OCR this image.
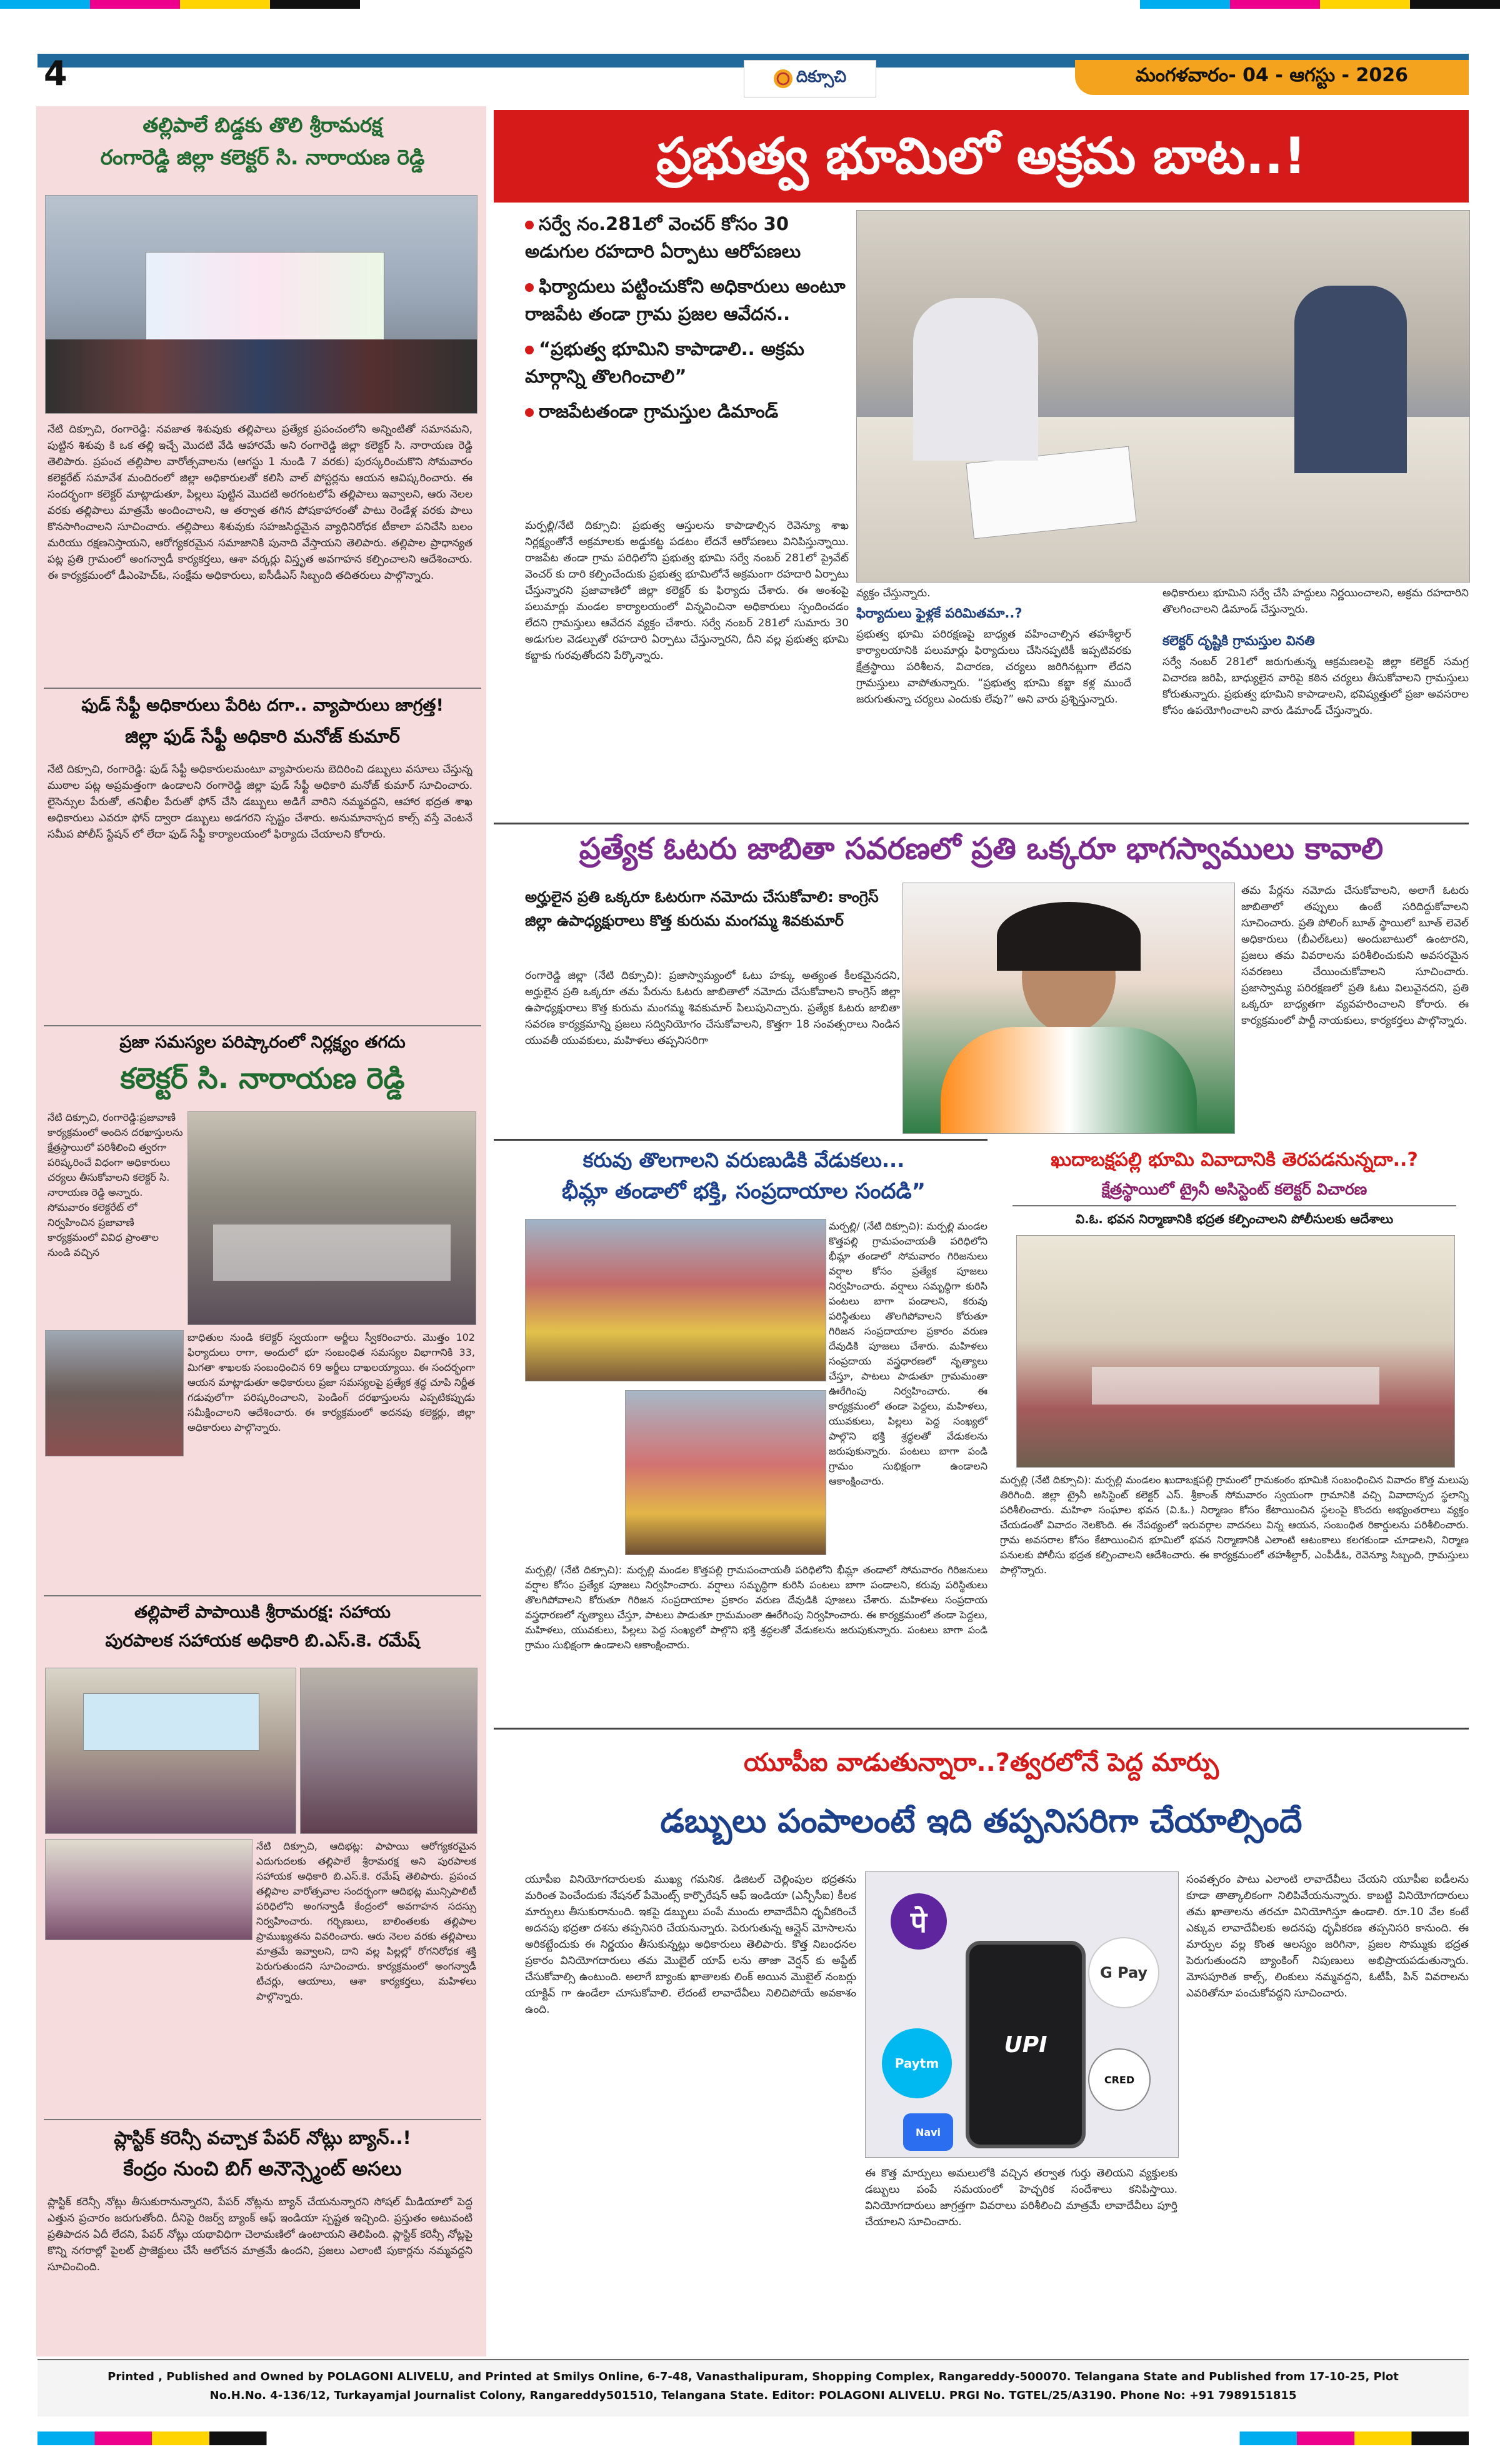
4	దిక్సూచి	మంగళవారం- 04 - ఆగస్టు - 2026
తల్లిపాలే బిడ్డకు తొలి శ్రీరామరక్ష
రంగారెడ్డి జిల్లా కలెక్టర్ సి. నారాయణ రెడ్డి
నేటి దిక్సూచి, రంగారెడ్డి: నవజాత శిశువుకు తల్లిపాలు ప్రత్యేక ప్రపంచంలోని అన్నింటితో సమానమని, పుట్టిన శిశువు కి ఒక తల్లి ఇచ్చే మొదటి వేడి ఆహారమే అని రంగారెడ్డి జిల్లా కలెక్టర్ సి. నారాయణ రెడ్డి తెలిపారు. ప్రపంచ తల్లిపాల వారోత్సవాలను (ఆగస్టు 1 నుండి 7 వరకు) పురస్కరించుకొని సోమవారం కలెక్టరేట్ సమావేశ మందిరంలో జిల్లా అధికారులతో కలిసి వాల్ పోస్టర్లను ఆయన ఆవిష్కరించారు. ఈ సందర్భంగా కలెక్టర్ మాట్లాడుతూ, పిల్లలు పుట్టిన మొదటి అరగంటలోపే తల్లిపాలు ఇవ్వాలని, ఆరు నెలల వరకు తల్లిపాలు మాత్రమే అందించాలని, ఆ తర్వాత తగిన పోషకాహారంతో పాటు రెండేళ్ల వరకు పాలు కొనసాగించాలని సూచించారు. తల్లిపాలు శిశువుకు సహజసిద్ధమైన వ్యాధినిరోధక టీకాలా పనిచేసి బలం మరియు రక్షణనిస్తాయని, ఆరోగ్యకరమైన సమాజానికి పునాది వేస్తాయని తెలిపారు. తల్లిపాల ప్రాధాన్యత పట్ల ప్రతి గ్రామంలో అంగన్వాడీ కార్యకర్తలు, ఆశా వర్కర్లు విస్తృత అవగాహన కల్పించాలని ఆదేశించారు. ఈ కార్యక్రమంలో డీఎంహెచ్ఓ, సంక్షేమ అధికారులు, ఐసీడీఎస్ సిబ్బంది తదితరులు పాల్గొన్నారు.
ఫుడ్ సేఫ్టీ అధికారులు పేరిట దగా.. వ్యాపారులు జాగ్రత్త!
జిల్లా ఫుడ్ సేఫ్టీ అధికారి మనోజ్ కుమార్
నేటి దిక్సూచి, రంగారెడ్డి: ఫుడ్ సేఫ్టీ అధికారులమంటూ వ్యాపారులను బెదిరించి డబ్బులు వసూలు చేస్తున్న ముఠాల పట్ల అప్రమత్తంగా ఉండాలని రంగారెడ్డి జిల్లా ఫుడ్ సేఫ్టీ అధికారి మనోజ్ కుమార్ సూచించారు. లైసెన్సుల పేరుతో, తనిఖీల పేరుతో ఫోన్ చేసి డబ్బులు అడిగే వారిని నమ్మవద్దని, ఆహార భద్రత శాఖ అధికారులు ఎవరూ ఫోన్ ద్వారా డబ్బులు అడగరని స్పష్టం చేశారు. అనుమానాస్పద కాల్స్ వస్తే వెంటనే సమీప పోలీస్ స్టేషన్ లో లేదా ఫుడ్ సేఫ్టీ కార్యాలయంలో ఫిర్యాదు చేయాలని కోరారు.
ప్రజా సమస్యల పరిష్కారంలో నిర్లక్ష్యం తగదు
కలెక్టర్ సి. నారాయణ రెడ్డి
నేటి దిక్సూచి, రంగారెడ్డి:ప్రజావాణి కార్యక్రమంలో అందిన దరఖాస్తులను క్షేత్రస్థాయిలో పరిశీలించి త్వరగా పరిష్కరించే విధంగా అధికారులు చర్యలు తీసుకోవాలని కలెక్టర్ సి. నారాయణ రెడ్డి అన్నారు. సోమవారం కలెక్టరేట్ లో నిర్వహించిన ప్రజావాణి కార్యక్రమంలో వివిధ ప్రాంతాల నుండి వచ్చిన
బాధితుల నుండి కలెక్టర్ స్వయంగా అర్జీలు స్వీకరించారు. మొత్తం 102 ఫిర్యాదులు రాగా, అందులో భూ సంబంధిత సమస్యల విభాగానికి 33, మిగతా శాఖలకు సంబంధించిన 69 అర్జీలు దాఖలయ్యాయి. ఈ సందర్భంగా ఆయన మాట్లాడుతూ అధికారులు ప్రజా సమస్యలపై ప్రత్యేక శ్రద్ధ చూపి నిర్ణీత గడువులోగా పరిష్కరించాలని, పెండింగ్ దరఖాస్తులను ఎప్పటికప్పుడు సమీక్షించాలని ఆదేశించారు. ఈ కార్యక్రమంలో అదనపు కలెక్టర్లు, జిల్లా అధికారులు పాల్గొన్నారు.
తల్లిపాలే పాపాయికి శ్రీరామరక్ష: సహాయ
పురపాలక సహాయక అధికారి బి.ఎస్.కె. రమేష్
నేటి దిక్సూచి, ఆదిభట్ల: పాపాయి ఆరోగ్యకరమైన ఎదుగుదలకు తల్లిపాలే శ్రీరామరక్ష అని పురపాలక సహాయక అధికారి బి.ఎస్.కె. రమేష్ తెలిపారు. ప్రపంచ తల్లిపాల వారోత్సవాల సందర్భంగా ఆదిభట్ల మున్సిపాలిటీ పరిధిలోని అంగన్వాడీ కేంద్రంలో అవగాహన సదస్సు నిర్వహించారు. గర్భిణులు, బాలింతలకు తల్లిపాల ప్రాముఖ్యతను వివరించారు. ఆరు నెలల వరకు తల్లిపాలు మాత్రమే ఇవ్వాలని, దాని వల్ల పిల్లల్లో రోగనిరోధక శక్తి పెరుగుతుందని సూచించారు. కార్యక్రమంలో అంగన్వాడీ టీచర్లు, ఆయాలు, ఆశా కార్యకర్తలు, మహిళలు పాల్గొన్నారు.
ప్లాస్టిక్ కరెన్సీ వచ్చాక పేపర్ నోట్లు బ్యాన్..!
కేంద్రం నుంచి బిగ్ అనౌన్స్మెంట్ అసలు
ప్లాస్టిక్ కరెన్సీ నోట్లు తీసుకురానున్నారని, పేపర్ నోట్లను బ్యాన్ చేయనున్నారని సోషల్ మీడియాలో పెద్ద ఎత్తున ప్రచారం జరుగుతోంది. దీనిపై రిజర్వ్ బ్యాంక్ ఆఫ్ ఇండియా స్పష్టత ఇచ్చింది. ప్రస్తుతం అటువంటి ప్రతిపాదన ఏదీ లేదని, పేపర్ నోట్లు యథావిధిగా చెలామణిలో ఉంటాయని తెలిపింది. ప్లాస్టిక్ కరెన్సీ నోట్లపై కొన్ని నగరాల్లో పైలట్ ప్రాజెక్టులు చేసే ఆలోచన మాత్రమే ఉందని, ప్రజలు ఎలాంటి పుకార్లను నమ్మవద్దని సూచించింది.
ప్రభుత్వ భూమిలో అక్రమ బాట..!
సర్వే నం.281లో వెంచర్ కోసం 30 అడుగుల రహదారి ఏర్పాటు ఆరోపణలు
ఫిర్యాదులు పట్టించుకోని అధికారులు అంటూ రాజపేట తండా గ్రామ ప్రజల ఆవేదన..
“ప్రభుత్వ భూమిని కాపాడాలి.. అక్రమ మార్గాన్ని తొలగించాలి”
రాజపేటతండా గ్రామస్తుల డిమాండ్
మర్పల్లి/నేటి దిక్సూచి: ప్రభుత్వ ఆస్తులను కాపాడాల్సిన రెవెన్యూ శాఖ నిర్లక్ష్యంతోనే అక్రమాలకు అడ్డుకట్ట పడటం లేదనే ఆరోపణలు వినిపిస్తున్నాయి. రాజపేట తండా గ్రామ పరిధిలోని ప్రభుత్వ భూమి సర్వే నంబర్ 281లో ప్రైవేట్ వెంచర్ కు దారి కల్పించేందుకు ప్రభుత్వ భూమిలోనే అక్రమంగా రహదారి ఏర్పాటు చేస్తున్నారని ప్రజావాణిలో జిల్లా కలెక్టర్ కు ఫిర్యాదు చేశారు. ఈ అంశంపై పలుమార్లు మండల కార్యాలయంలో విన్నవించినా అధికారులు స్పందించడం లేదని గ్రామస్తులు ఆవేదన వ్యక్తం చేశారు. సర్వే నంబర్ 281లో సుమారు 30 అడుగుల వెడల్పుతో రహదారి ఏర్పాటు చేస్తున్నారని, దీని వల్ల ప్రభుత్వ భూమి కబ్జాకు గురవుతోందని పేర్కొన్నారు.
వ్యక్తం చేస్తున్నారు.
ఫిర్యాదులు ఫైళ్లకే పరిమితమా..?
ప్రభుత్వ భూమి పరిరక్షణపై బాధ్యత వహించాల్సిన తహశీల్దార్ కార్యాలయానికి పలుమార్లు ఫిర్యాదులు చేసినప్పటికీ ఇప్పటివరకు క్షేత్రస్థాయి పరిశీలన, విచారణ, చర్యలు జరిగినట్లుగా లేదని గ్రామస్తులు వాపోతున్నారు. “ప్రభుత్వ భూమి కబ్జా కళ్ల ముందే జరుగుతున్నా చర్యలు ఎందుకు లేవు?” అని వారు ప్రశ్నిస్తున్నారు.
అధికారులు భూమిని సర్వే చేసి హద్దులు నిర్ణయించాలని, అక్రమ రహదారిని తొలగించాలని డిమాండ్ చేస్తున్నారు.
కలెక్టర్ దృష్టికి గ్రామస్తుల వినతి
సర్వే నంబర్ 281లో జరుగుతున్న ఆక్రమణలపై జిల్లా కలెక్టర్ సమగ్ర విచారణ జరిపి, బాధ్యులైన వారిపై కఠిన చర్యలు తీసుకోవాలని గ్రామస్తులు కోరుతున్నారు. ప్రభుత్వ భూమిని కాపాడాలని, భవిష్యత్తులో ప్రజా అవసరాల కోసం ఉపయోగించాలని వారు డిమాండ్ చేస్తున్నారు.
ప్రత్యేక ఓటరు జాబితా సవరణలో ప్రతి ఒక్కరూ భాగస్వాములు కావాలి
అర్హులైన ప్రతి ఒక్కరూ ఓటరుగా నమోదు చేసుకోవాలి: కాంగ్రెస్ జిల్లా ఉపాధ్యక్షురాలు కొత్త కురుమ మంగమ్మ శివకుమార్
రంగారెడ్డి జిల్లా (నేటి దిక్సూచి): ప్రజాస్వామ్యంలో ఓటు హక్కు అత్యంత కీలకమైనదని, అర్హులైన ప్రతి ఒక్కరూ తమ పేరును ఓటరు జాబితాలో నమోదు చేసుకోవాలని కాంగ్రెస్ జిల్లా ఉపాధ్యక్షురాలు కొత్త కురుమ మంగమ్మ శివకుమార్ పిలుపునిచ్చారు. ప్రత్యేక ఓటరు జాబితా సవరణ కార్యక్రమాన్ని ప్రజలు సద్వినియోగం చేసుకోవాలని, కొత్తగా 18 సంవత్సరాలు నిండిన యువతీ యువకులు, మహిళలు తప్పనిసరిగా
తమ పేర్లను నమోదు చేసుకోవాలని, అలాగే ఓటరు జాబితాలో తప్పులు ఉంటే సరిదిద్దుకోవాలని సూచించారు. ప్రతి పోలింగ్ బూత్ స్థాయిలో బూత్ లెవెల్ అధికారులు (బీఎల్ఓలు) అందుబాటులో ఉంటారని, ప్రజలు తమ వివరాలను పరిశీలించుకుని అవసరమైన సవరణలు చేయించుకోవాలని సూచించారు. ప్రజాస్వామ్య పరిరక్షణలో ప్రతి ఓటు విలువైనదని, ప్రతి ఒక్కరూ బాధ్యతగా వ్యవహరించాలని కోరారు. ఈ కార్యక్రమంలో పార్టీ నాయకులు, కార్యకర్తలు పాల్గొన్నారు.
కరువు తొలగాలని వరుణుడికి వేడుకలు...
భీమ్లా తండాలో భక్తి, సంప్రదాయాల సందడి”
మర్పల్లి/ (నేటి దిక్సూచి): మర్పల్లి మండల కొత్తపల్లి గ్రామపంచాయతీ పరిధిలోని భీమ్లా తండాలో సోమవారం గిరిజనులు వర్షాల కోసం ప్రత్యేక పూజలు నిర్వహించారు. వర్షాలు సమృద్ధిగా కురిసి పంటలు బాగా పండాలని, కరువు పరిస్థితులు తొలగిపోవాలని కోరుతూ గిరిజన సంప్రదాయాల ప్రకారం వరుణ దేవుడికి పూజలు చేశారు. మహిళలు సంప్రదాయ వస్త్రధారణలో నృత్యాలు చేస్తూ, పాటలు పాడుతూ గ్రామమంతా ఊరేగింపు నిర్వహించారు. ఈ కార్యక్రమంలో తండా పెద్దలు, మహిళలు, యువకులు, పిల్లలు పెద్ద సంఖ్యలో పాల్గొని భక్తి శ్రద్ధలతో వేడుకలను జరుపుకున్నారు. పంటలు బాగా పండి గ్రామం సుభిక్షంగా ఉండాలని ఆకాంక్షించారు.
మర్పల్లి/ (నేటి దిక్సూచి): మర్పల్లి మండల కొత్తపల్లి గ్రామపంచాయతీ పరిధిలోని భీమ్లా తండాలో సోమవారం గిరిజనులు వర్షాల కోసం ప్రత్యేక పూజలు నిర్వహించారు. వర్షాలు సమృద్ధిగా కురిసి పంటలు బాగా పండాలని, కరువు పరిస్థితులు తొలగిపోవాలని కోరుతూ గిరిజన సంప్రదాయాల ప్రకారం వరుణ దేవుడికి పూజలు చేశారు. మహిళలు సంప్రదాయ వస్త్రధారణలో నృత్యాలు చేస్తూ, పాటలు పాడుతూ గ్రామమంతా ఊరేగింపు నిర్వహించారు. ఈ కార్యక్రమంలో తండా పెద్దలు, మహిళలు, యువకులు, పిల్లలు పెద్ద సంఖ్యలో పాల్గొని భక్తి శ్రద్ధలతో వేడుకలను జరుపుకున్నారు. పంటలు బాగా పండి గ్రామం సుభిక్షంగా ఉండాలని ఆకాంక్షించారు.
ఖుదాబక్షపల్లి భూమి వివాదానికి తెరపడనున్నదా..?
క్షేత్రస్థాయిలో ట్రైనీ అసిస్టెంట్ కలెక్టర్ విచారణ
వి.ఓ. భవన నిర్మాణానికి భద్రత కల్పించాలని పోలీసులకు ఆదేశాలు
మర్పల్లి (నేటి దిక్సూచి): మర్పల్లి మండలం ఖుదాబక్షపల్లి గ్రామంలో గ్రామకంఠం భూమికి సంబంధించిన వివాదం కొత్త మలుపు తిరిగింది. జిల్లా ట్రైనీ అసిస్టెంట్ కలెక్టర్ ఎస్. శ్రీకాంత్ సోమవారం స్వయంగా గ్రామానికి వచ్చి వివాదాస్పద స్థలాన్ని పరిశీలించారు. మహిళా సంఘాల భవన (వి.ఓ.) నిర్మాణం కోసం కేటాయించిన స్థలంపై కొందరు అభ్యంతరాలు వ్యక్తం చేయడంతో వివాదం నెలకొంది. ఈ నేపథ్యంలో ఇరువర్గాల వాదనలు విన్న ఆయన, సంబంధిత రికార్డులను పరిశీలించారు. గ్రామ అవసరాల కోసం కేటాయించిన భూమిలో భవన నిర్మాణానికి ఎలాంటి ఆటంకాలు కలగకుండా చూడాలని, నిర్మాణ పనులకు పోలీసు భద్రత కల్పించాలని ఆదేశించారు. ఈ కార్యక్రమంలో తహశీల్దార్, ఎంపీడీఓ, రెవెన్యూ సిబ్బంది, గ్రామస్తులు పాల్గొన్నారు.
యూపీఐ వాడుతున్నారా..?త్వరలోనే పెద్ద మార్పు
డబ్బులు పంపాలంటే ఇది తప్పనిసరిగా చేయాల్సిందే
యూపీఐ వినియోగదారులకు ముఖ్య గమనిక. డిజిటల్ చెల్లింపుల భద్రతను మరింత పెంచేందుకు నేషనల్ పేమెంట్స్ కార్పొరేషన్ ఆఫ్ ఇండియా (ఎన్పీసీఐ) కీలక మార్పులు తీసుకురానుంది. ఇకపై డబ్బులు పంపే ముందు లావాదేవీని ధృవీకరించే అదనపు భద్రతా దశను తప్పనిసరి చేయనున్నారు. పెరుగుతున్న ఆన్లైన్ మోసాలను అరికట్టేందుకు ఈ నిర్ణయం తీసుకున్నట్లు అధికారులు తెలిపారు. కొత్త నిబంధనల ప్రకారం వినియోగదారులు తమ మొబైల్ యాప్ లను తాజా వెర్షన్ కు అప్డేట్ చేసుకోవాల్సి ఉంటుంది. అలాగే బ్యాంకు ఖాతాలకు లింక్ అయిన మొబైల్ నంబర్లు యాక్టివ్ గా ఉండేలా చూసుకోవాలి. లేదంటే లావాదేవీలు నిలిచిపోయే అవకాశం ఉంది.
पे
G Pay
Paytm
UPI
CRED
Navi
ఈ కొత్త మార్పులు అమలులోకి వచ్చిన తర్వాత గుర్తు తెలియని వ్యక్తులకు డబ్బులు పంపే సమయంలో హెచ్చరిక సందేశాలు కనిపిస్తాయి. వినియోగదారులు జాగ్రత్తగా వివరాలు పరిశీలించి మాత్రమే లావాదేవీలు పూర్తి చేయాలని సూచించారు.
సంవత్సరం పాటు ఎలాంటి లావాదేవీలు చేయని యూపీఐ ఐడీలను కూడా తాత్కాలికంగా నిలిపివేయనున్నారు. కాబట్టి వినియోగదారులు తమ ఖాతాలను తరచూ వినియోగిస్తూ ఉండాలి. రూ.10 వేల కంటే ఎక్కువ లావాదేవీలకు అదనపు ధృవీకరణ తప్పనిసరి కానుంది. ఈ మార్పుల వల్ల కొంత ఆలస్యం జరిగినా, ప్రజల సొమ్ముకు భద్రత పెరుగుతుందని బ్యాంకింగ్ నిపుణులు అభిప్రాయపడుతున్నారు. మోసపూరిత కాల్స్, లింకులు నమ్మవద్దని, ఓటీపీ, పిన్ వివరాలను ఎవరితోనూ పంచుకోవద్దని సూచించారు.
Printed , Published and Owned by POLAGONI ALIVELU, and Printed at Smilys Online, 6-7-48, Vanasthalipuram, Shopping Complex, Rangareddy-500070. Telangana State and Published from 17-10-25, Plot
No.H.No. 4-136/12, Turkayamjal Journalist Colony, Rangareddy501510, Telangana State. Editor: POLAGONI ALIVELU. PRGI No. TGTEL/25/A3190. Phone No: +91 7989151815
